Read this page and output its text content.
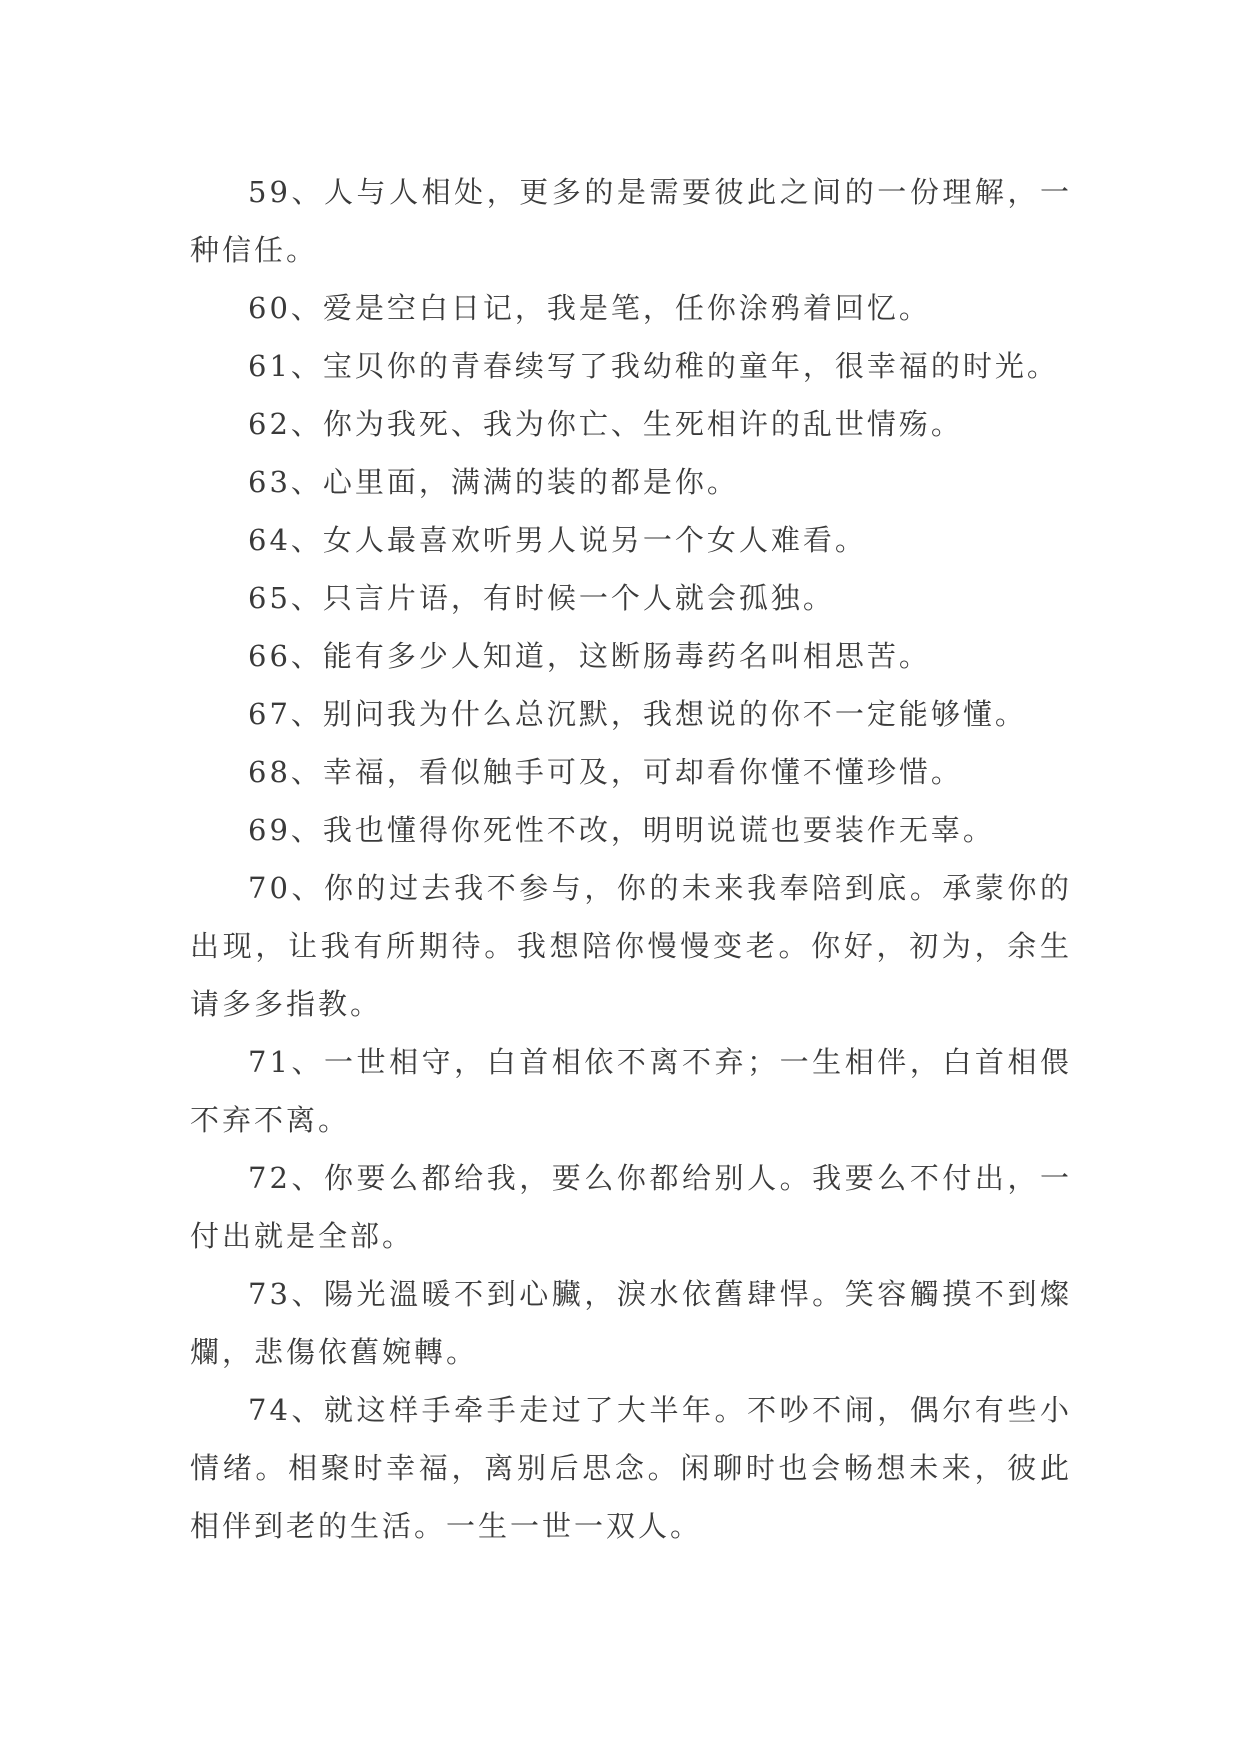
59、人与人相处，更多的是需要彼此之间的一份理解，一种信任。

60、爱是空白日记，我是笔，任你涂鸦着回忆。

61、宝贝你的青春续写了我幼稚的童年，很幸福的时光。

62、你为我死、我为你亡、生死相许的乱世情殇。

63、心里面，满满的装的都是你。

64、女人最喜欢听男人说另一个女人难看。

65、只言片语，有时候一个人就会孤独。

66、能有多少人知道，这断肠毒药名叫相思苦。

67、别问我为什么总沉默，我想说的你不一定能够懂。

68、幸福，看似触手可及，可却看你懂不懂珍惜。

69、我也懂得你死性不改，明明说谎也要装作无辜。

70、你的过去我不参与，你的未来我奉陪到底。承蒙你的出现，让我有所期待。我想陪你慢慢变老。你好，初为，余生请多多指教。

71、一世相守，白首相依不离不弃；一生相伴，白首相偎不弃不离。

72、你要么都给我，要么你都给别人。我要么不付出，一付出就是全部。

73、陽光溫暖不到心臟，淚水依舊肆悍。笑容觸摸不到燦爛，悲傷依舊婉轉。

74、就这样手牵手走过了大半年。不吵不闹，偶尔有些小情绪。相聚时幸福，离别后思念。闲聊时也会畅想未来，彼此相伴到老的生活。一生一世一双人。
